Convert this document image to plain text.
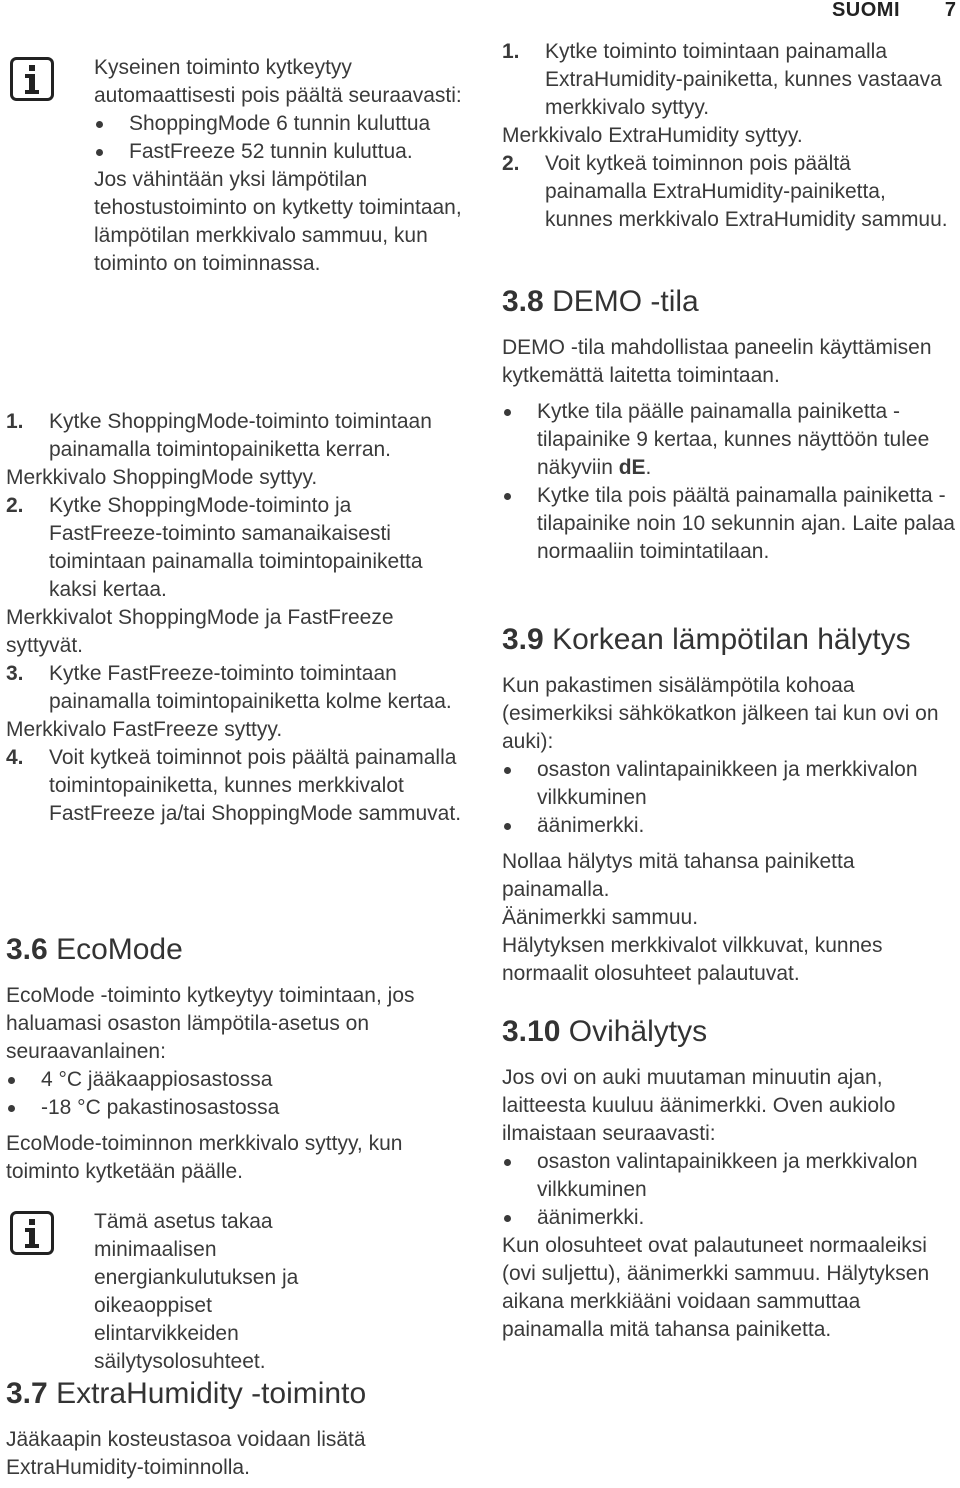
SUOMI 7

Kyseinen toiminto kytkeytyy automaattisesti pois päältä seuraavasti:

ShoppingMode 6 tunnin kuluttua

FastFreeze 52 tunnin kuluttua.

Jos vähintään yksi lämpötilan tehostustoiminto on kytketty toimintaan, lämpötilan merkkivalo sammuu, kun toiminto on toiminnassa.

1. Kytke ShoppingMode-toiminto toimintaan painamalla toimintopainiketta kerran.

Merkkivalo ShoppingMode syttyy.

2. Kytke ShoppingMode-toiminto ja FastFreeze-toiminto samanaikaisesti toimintaan painamalla toimintopainiketta kaksi kertaa.

Merkkivalot ShoppingMode ja FastFreeze syttyvät.

3. Kytke FastFreeze-toiminto toimintaan painamalla toimintopainiketta kolme kertaa.

Merkkivalo FastFreeze syttyy.

4. Voit kytkeä toiminnot pois päältä painamalla toimintopainiketta, kunnes merkkivalot FastFreeze ja/tai ShoppingMode sammuvat.

3.6 EcoMode

EcoMode -toiminto kytkeytyy toimintaan, jos haluamasi osaston lämpötila-asetus on seuraavanlainen:

4 °C jääkaappiosastossa

-18 °C pakastinosastossa

EcoMode-toiminnon merkkivalo syttyy, kun toiminto kytketään päälle.

Tämä asetus takaa minimaalisen energiankulutuksen ja oikeaoppiset elintarvikkeiden säilytysolosuhteet.

3.7 ExtraHumidity -toiminto

Jääkaapin kosteustasoa voidaan lisätä ExtraHumidity-toiminnolla.

1. Kytke toiminto toimintaan painamalla ExtraHumidity-painiketta, kunnes vastaava merkkivalo syttyy.

Merkkivalo ExtraHumidity syttyy.

2. Voit kytkeä toiminnon pois päältä painamalla ExtraHumidity-painiketta, kunnes merkkivalo ExtraHumidity sammuu.

3.8 DEMO -tila

DEMO -tila mahdollistaa paneelin käyttämisen kytkemättä laitetta toimintaan.

Kytke tila päälle painamalla painiketta - tilapainike 9 kertaa, kunnes näyttöön tulee näkyviin dE.

Kytke tila pois päältä painamalla painiketta -tilapainike noin 10 sekunnin ajan. Laite palaa normaaliin toimintatilaan.

3.9 Korkean lämpötilan hälytys

Kun pakastimen sisälämpötila kohoaa (esimerkiksi sähkökatkon jälkeen tai kun ovi on auki):

osaston valintapainikkeen ja merkkivalon vilkkuminen

äänimerkki.

Nollaa hälytys mitä tahansa painiketta painamalla.

Äänimerkki sammuu.

Hälytyksen merkkivalot vilkkuvat, kunnes normaalit olosuhteet palautuvat.

3.10 Ovihälytys

Jos ovi on auki muutaman minuutin ajan, laitteesta kuuluu äänimerkki. Oven aukiolo ilmaistaan seuraavasti:

osaston valintapainikkeen ja merkkivalon vilkkuminen

äänimerkki.

Kun olosuhteet ovat palautuneet normaaleiksi (ovi suljettu), äänimerkki sammuu. Hälytyksen aikana merkkiääni voidaan sammuttaa painamalla mitä tahansa painiketta.
